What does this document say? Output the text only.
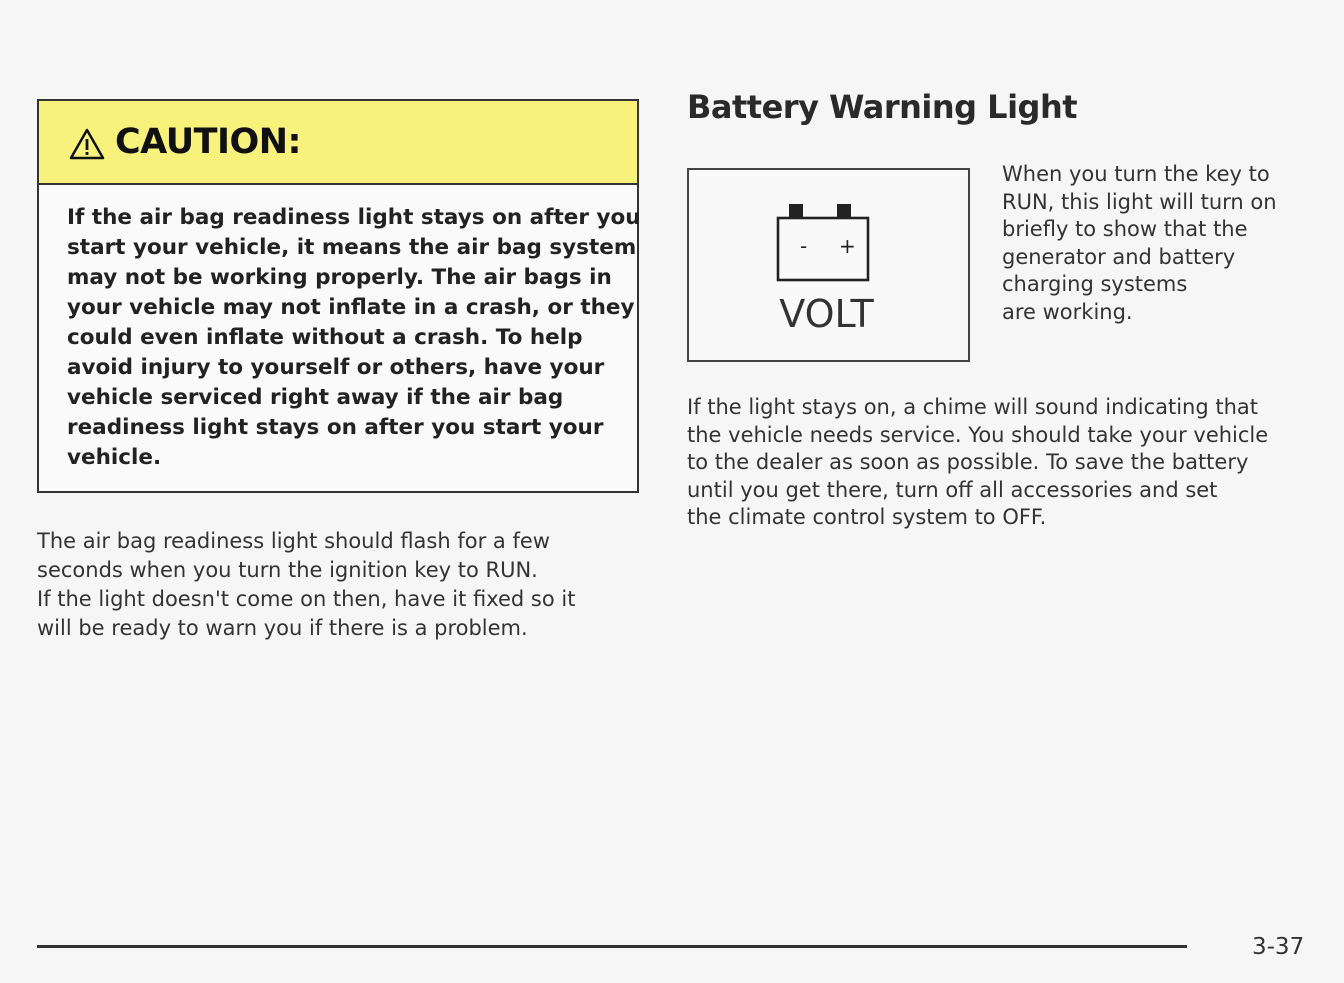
CAUTION:
If the air bag readiness light stays on after you
start your vehicle, it means the air bag system
may not be working properly. The air bags in
your vehicle may not inflate in a crash, or they
could even inflate without a crash. To help
avoid injury to yourself or others, have your
vehicle serviced right away if the air bag
readiness light stays on after you start your
vehicle.
The air bag readiness light should flash for a few
seconds when you turn the ignition key to RUN.
If the light doesn't come on then, have it fixed so it
will be ready to warn you if there is a problem.
Battery Warning Light
- +
VOLT
When you turn the key to
RUN, this light will turn on
briefly to show that the
generator and battery
charging systems
are working.
If the light stays on, a chime will sound indicating that
the vehicle needs service. You should take your vehicle
to the dealer as soon as possible. To save the battery
until you get there, turn off all accessories and set
the climate control system to OFF.
3-37
